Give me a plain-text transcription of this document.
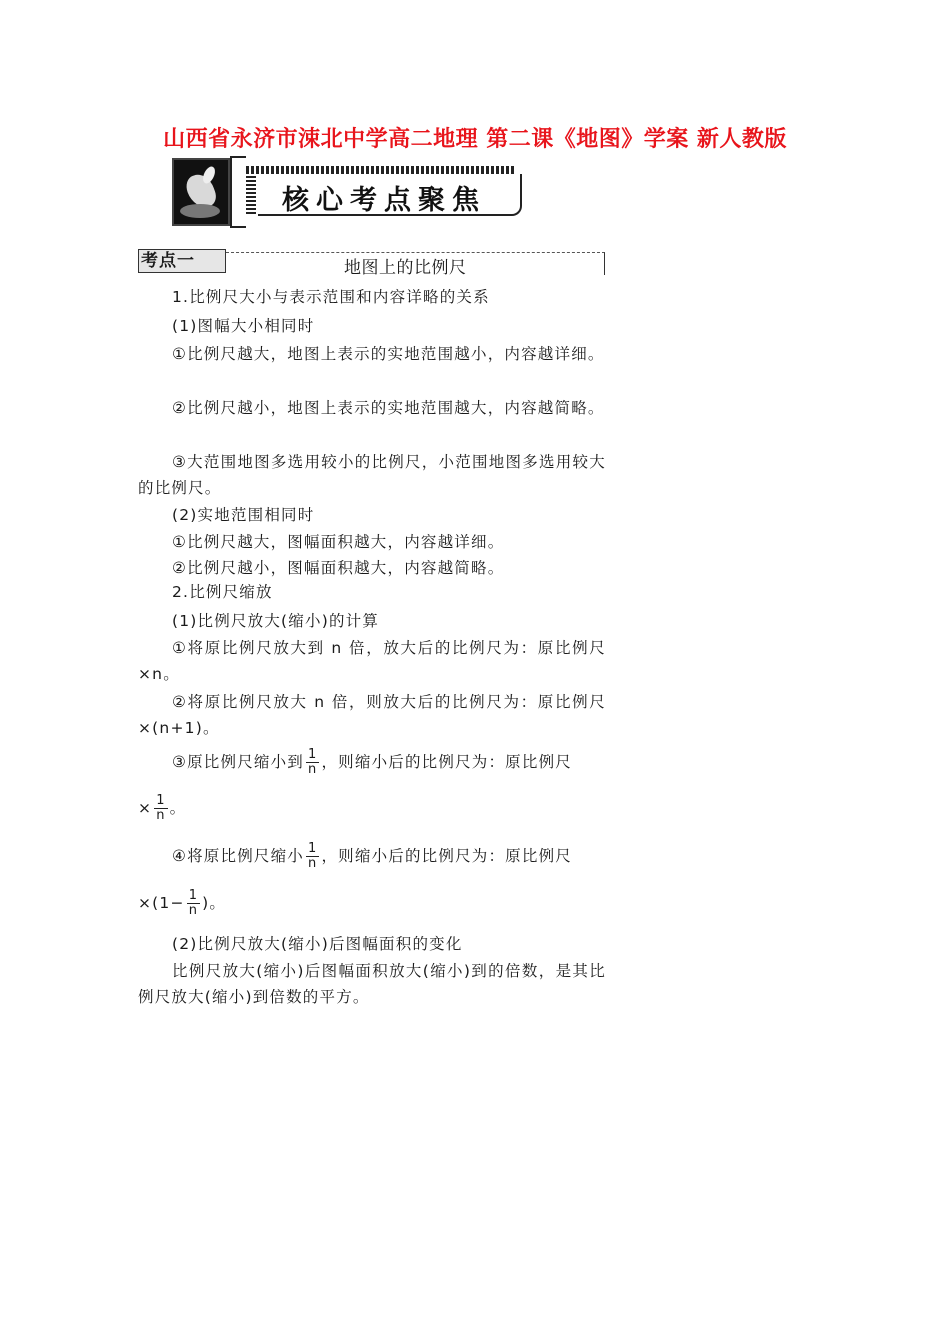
山西省永济市涑北中学高二地理 第二课《地图》学案 新人教版
核心考点聚焦
考点一	地图上的比例尺
1.比例尺大小与表示范围和内容详略的关系
(1)图幅大小相同时
①比例尺越大，地图上表示的实地范围越小，内容越详细。
②比例尺越小，地图上表示的实地范围越大，内容越简略。
③大范围地图多选用较小的比例尺，小范围地图多选用较大的比例尺。
(2)实地范围相同时
①比例尺越大，图幅面积越大，内容越详细。
②比例尺越小，图幅面积越大，内容越简略。
2.比例尺缩放
(1)比例尺放大(缩小)的计算
①将原比例尺放大到 n 倍，放大后的比例尺为：原比例尺×n。
②将原比例尺放大 n 倍，则放大后的比例尺为：原比例尺×(n+1)。
③原比例尺缩小到 $\frac{1}{n}$ ，则缩小后的比例尺为：原比例尺
× $\frac{1}{n}$ 。
④将原比例尺缩小 $\frac{1}{n}$ ，则缩小后的比例尺为：原比例尺
$\times(1- \frac{1}{n}$ )。
(2)比例尺放大(缩小)后图幅面积的变化
比例尺放大(缩小)后图幅面积放大(缩小)到的倍数，是其比例尺放大(缩小)到倍数的平方。
